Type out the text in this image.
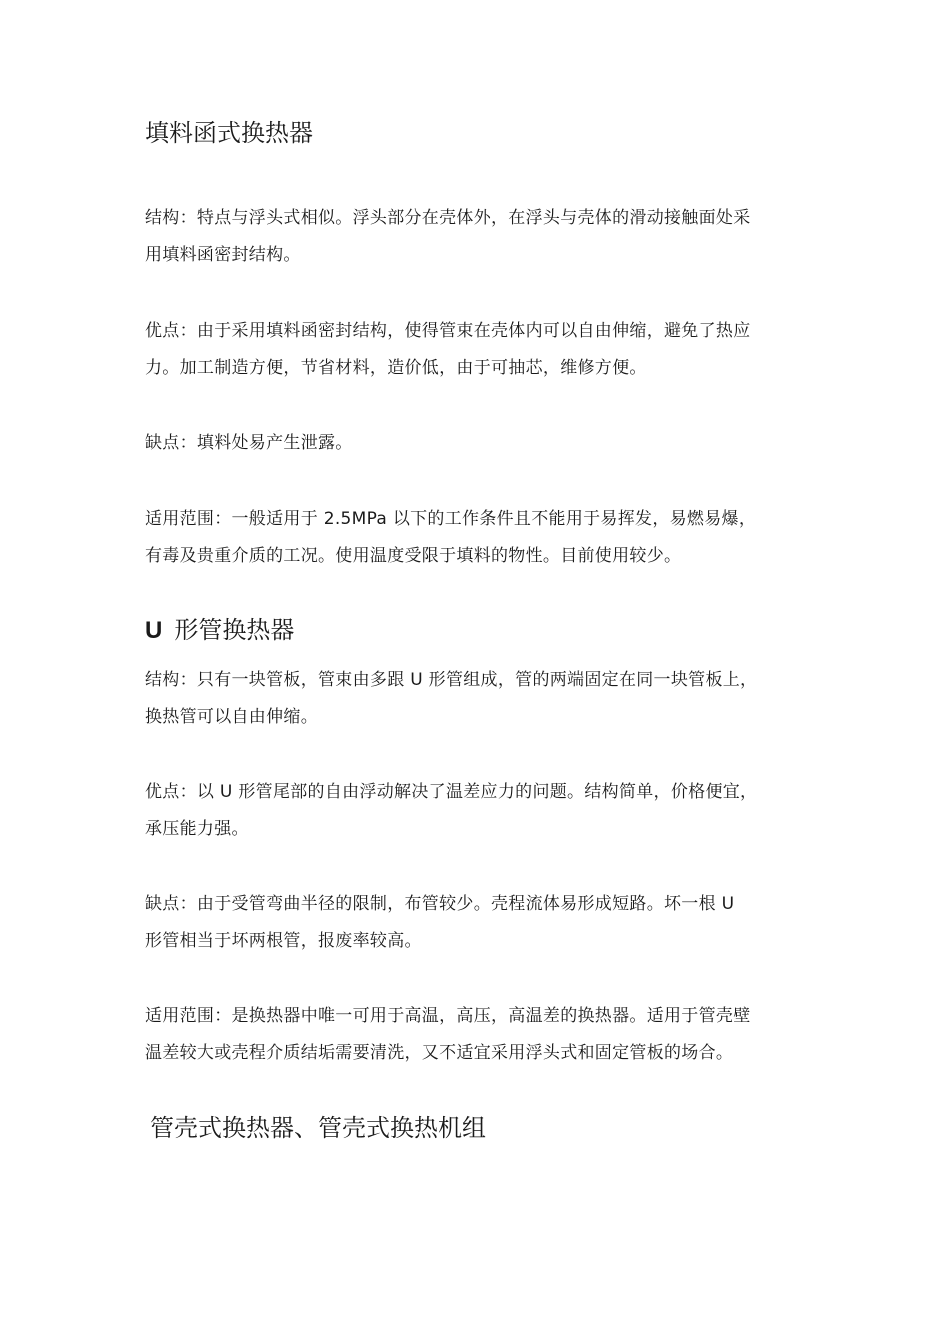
填料函式换热器

结构：特点与浮头式相似。浮头部分在壳体外，在浮头与壳体的滑动接触面处采
用填料函密封结构。

优点：由于采用填料函密封结构，使得管束在壳体内可以自由伸缩，避免了热应
力。加工制造方便，节省材料，造价低，由于可抽芯，维修方便。

缺点：填料处易产生泄露。

适用范围：一般适用于 2.5MPa 以下的工作条件且不能用于易挥发，易燃易爆，
有毒及贵重介质的工况。使用温度受限于填料的物性。目前使用较少。

U 形管换热器

结构：只有一块管板，管束由多跟 U 形管组成，管的两端固定在同一块管板上，
换热管可以自由伸缩。

优点：以 U 形管尾部的自由浮动解决了温差应力的问题。结构简单，价格便宜，
承压能力强。

缺点：由于受管弯曲半径的限制，布管较少。壳程流体易形成短路。坏一根 U
形管相当于坏两根管，报废率较高。

适用范围：是换热器中唯一可用于高温，高压，高温差的换热器。适用于管壳壁
温差较大或壳程介质结垢需要清洗，又不适宜采用浮头式和固定管板的场合。

管壳式换热器、管壳式换热机组
